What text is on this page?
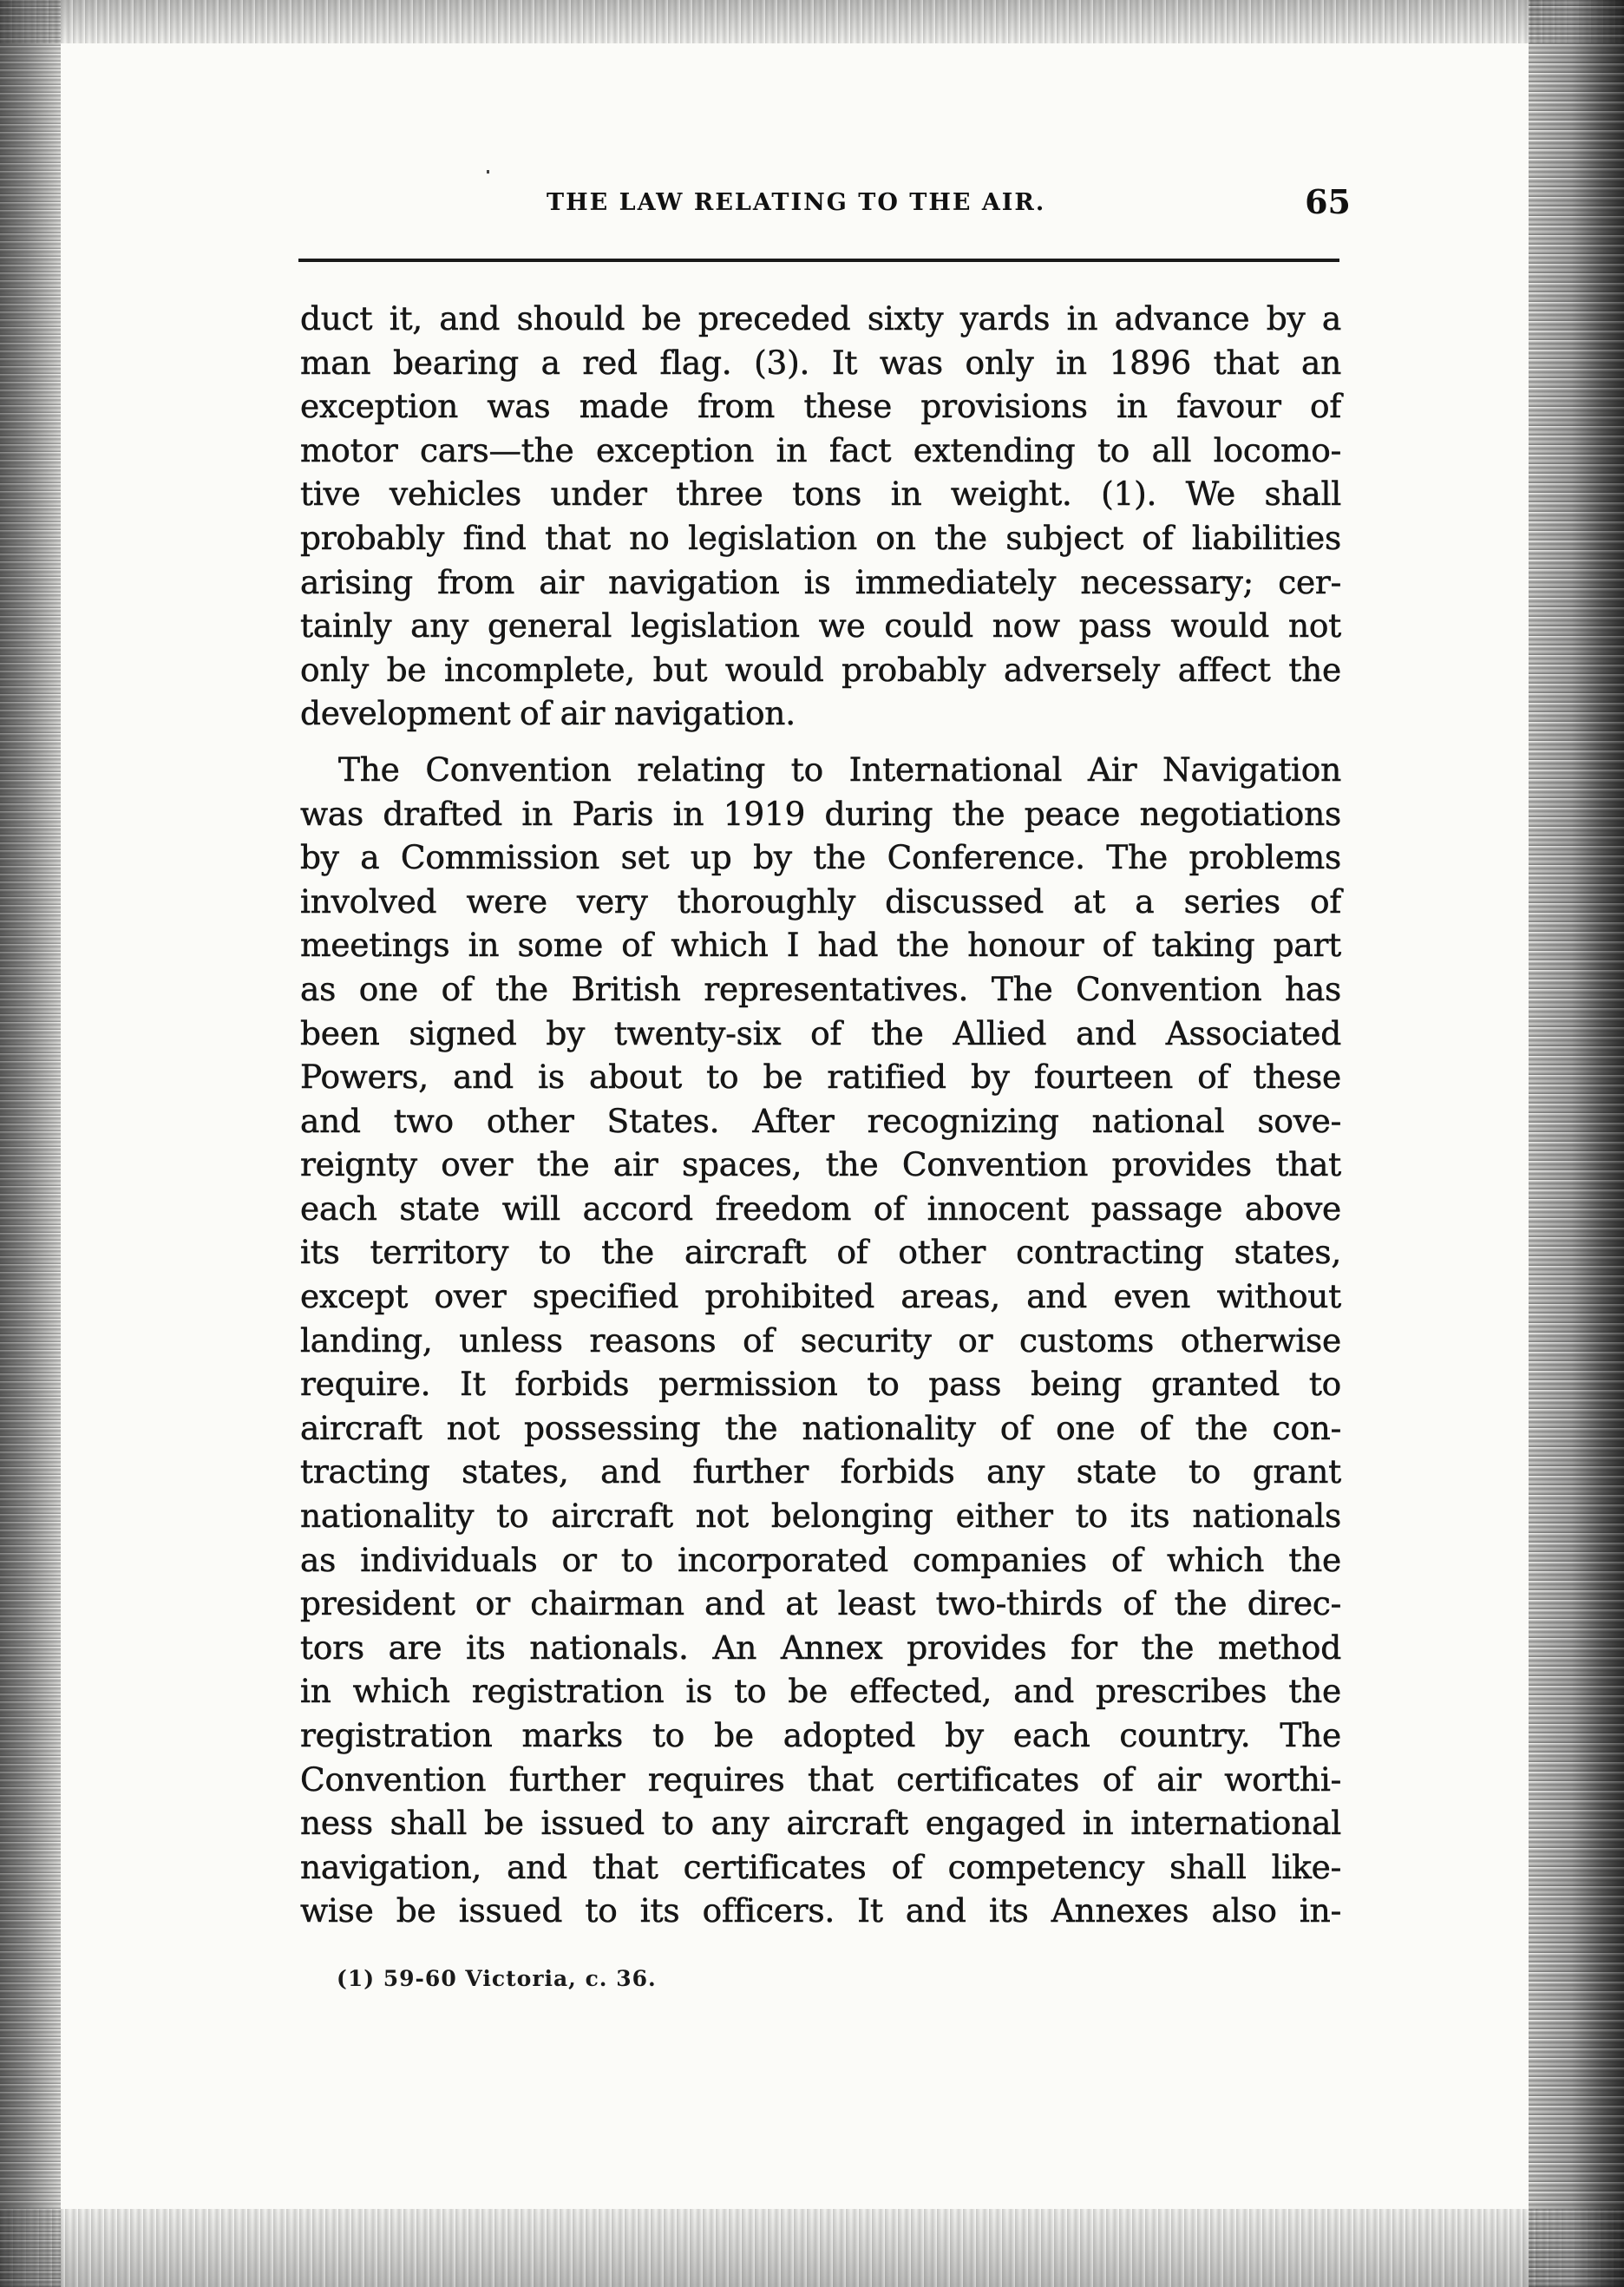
THE LAW RELATING TO THE AIR.	65

duct it, and should be preceded sixty yards in advance by a
man bearing a red flag. (3). It was only in 1896 that an
exception was made from these provisions in favour of
motor cars—the exception in fact extending to all locomo-
tive vehicles under three tons in weight. (1). We shall
probably find that no legislation on the subject of liabilities
arising from air navigation is immediately necessary; cer-
tainly any general legislation we could now pass would not
only be incomplete, but would probably adversely affect the
development of air navigation.

The Convention relating to International Air Navigation
was drafted in Paris in 1919 during the peace negotiations
by a Commission set up by the Conference. The problems
involved were very thoroughly discussed at a series of
meetings in some of which I had the honour of taking part
as one of the British representatives. The Convention has
been signed by twenty-six of the Allied and Associated
Powers, and is about to be ratified by fourteen of these
and two other States. After recognizing national sove-
reignty over the air spaces, the Convention provides that
each state will accord freedom of innocent passage above
its territory to the aircraft of other contracting states,
except over specified prohibited areas, and even without
landing, unless reasons of security or customs otherwise
require. It forbids permission to pass being granted to
aircraft not possessing the nationality of one of the con-
tracting states, and further forbids any state to grant
nationality to aircraft not belonging either to its nationals
as individuals or to incorporated companies of which the
president or chairman and at least two-thirds of the direc-
tors are its nationals. An Annex provides for the method
in which registration is to be effected, and prescribes the
registration marks to be adopted by each country. The
Convention further requires that certificates of air worthi-
ness shall be issued to any aircraft engaged in international
navigation, and that certificates of competency shall like-
wise be issued to its officers. It and its Annexes also in-

(1) 59-60 Victoria, c. 36.
